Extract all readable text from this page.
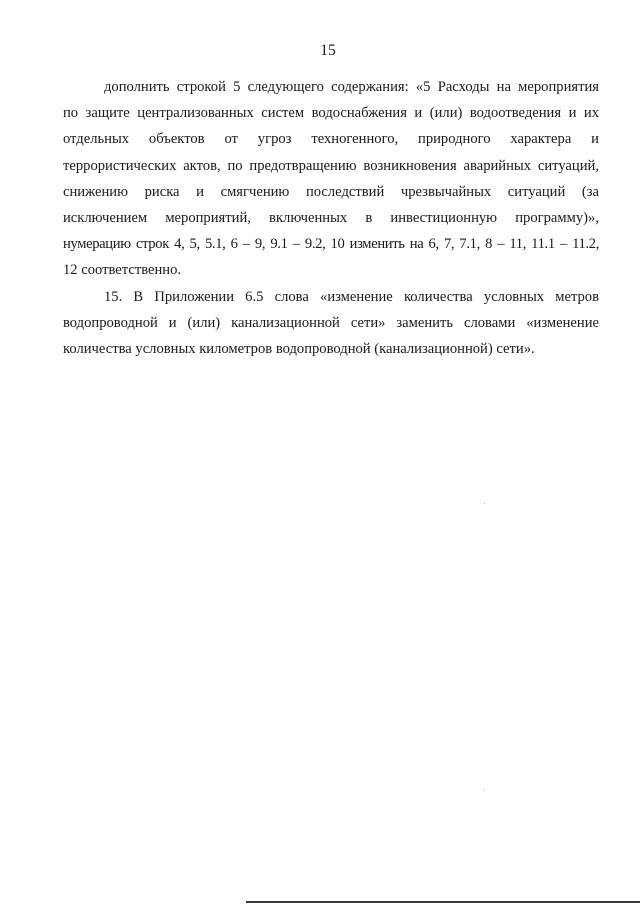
15

дополнить строкой 5 следующего содержания: «5 Расходы на мероприятия
по защите централизованных систем водоснабжения и (или) водоотведения и их
отдельных объектов от угроз техногенного, природного характера и
террористических актов, по предотвращению возникновения аварийных ситуаций,
снижению риска и смягчению последствий чрезвычайных ситуаций (за
исключением мероприятий, включенных в инвестиционную программу)»,
нумерацию строк 4, 5, 5.1, 6 – 9, 9.1 – 9.2, 10 изменить на 6, 7, 7.1, 8 – 11, 11.1 – 11.2,
12 соответственно.

15. В Приложении 6.5 слова «изменение количества условных метров
водопроводной и (или) канализационной сети» заменить словами «изменение
количества условных километров водопроводной (канализационной) сети».
